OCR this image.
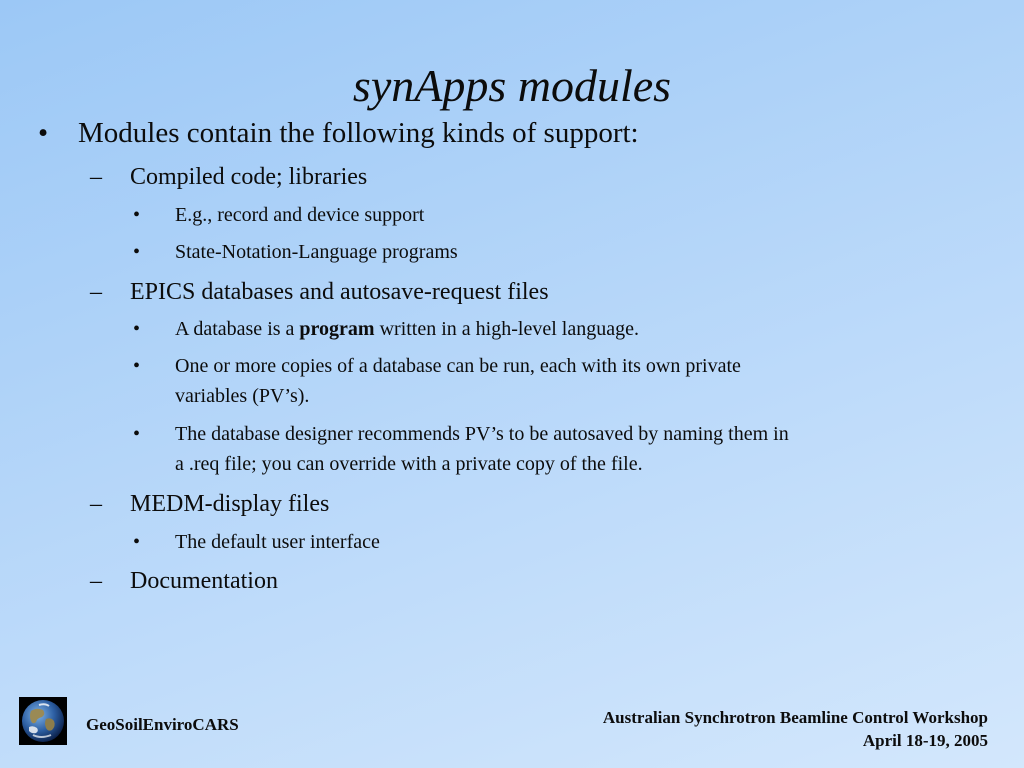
synApps modules
• Modules contain the following kinds of support:
– Compiled code; libraries
• E.g., record and device support
• State-Notation-Language programs
– EPICS databases and autosave-request files
• A database is a program written in a high-level language.
• One or more copies of a database can be run, each with its own private
variables (PV’s).
• The database designer recommends PV’s to be autosaved by naming them in
a .req file; you can override with a private copy of the file.
– MEDM-display files
• The default user interface
– Documentation
GeoSoilEnviroCARS	Australian Synchrotron Beamline Control Workshop
April 18-19, 2005
